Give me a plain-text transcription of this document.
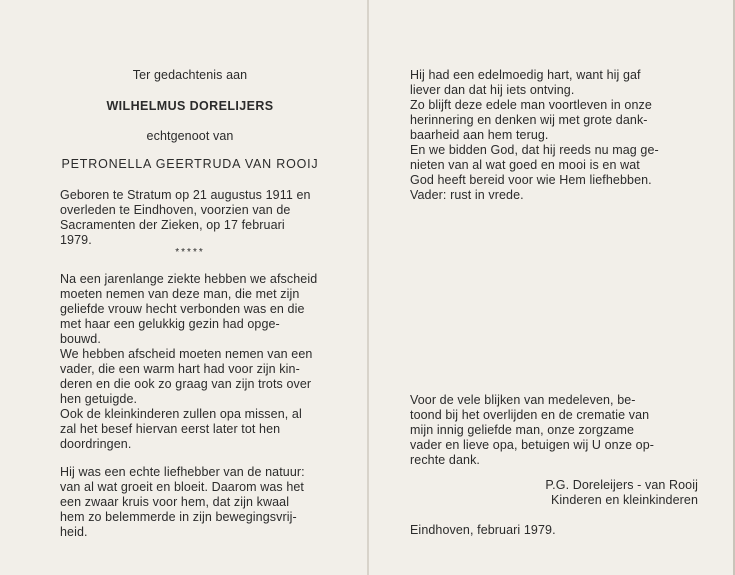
Ter gedachtenis aan
WILHELMUS DORELIJERS
echtgenoot van
PETRONELLA GEERTRUDA VAN ROOIJ
Geboren te Stratum op 21 augustus 1911 en
overleden te Eindhoven, voorzien van de
Sacramenten der Zieken, op 17 februari
1979.
*****
Na een jarenlange ziekte hebben we afscheid
moeten nemen van deze man, die met zijn
geliefde vrouw hecht verbonden was en die
met haar een gelukkig gezin had opge-
bouwd.
We hebben afscheid moeten nemen van een
vader, die een warm hart had voor zijn kin-
deren en die ook zo graag van zijn trots over
hen getuigde.
Ook de kleinkinderen zullen opa missen, al
zal het besef hiervan eerst later tot hen
doordringen.
Hij was een echte liefhebber van de natuur:
van al wat groeit en bloeit. Daarom was het
een zwaar kruis voor hem, dat zijn kwaal
hem zo belemmerde in zijn bewegingsvrij-
heid.
Hij had een edelmoedig hart, want hij gaf
liever dan dat hij iets ontving.
Zo blijft deze edele man voortleven in onze
herinnering en denken wij met grote dank-
baarheid aan hem terug.
En we bidden God, dat hij reeds nu mag ge-
nieten van al wat goed en mooi is en wat
God heeft bereid voor wie Hem liefhebben.
Vader: rust in vrede.
Voor de vele blijken van medeleven, be-
toond bij het overlijden en de crematie van
mijn innig geliefde man, onze zorgzame
vader en lieve opa, betuigen wij U onze op-
rechte dank.
P.G. Doreleijers - van Rooij
Kinderen en kleinkinderen
Eindhoven, februari 1979.
